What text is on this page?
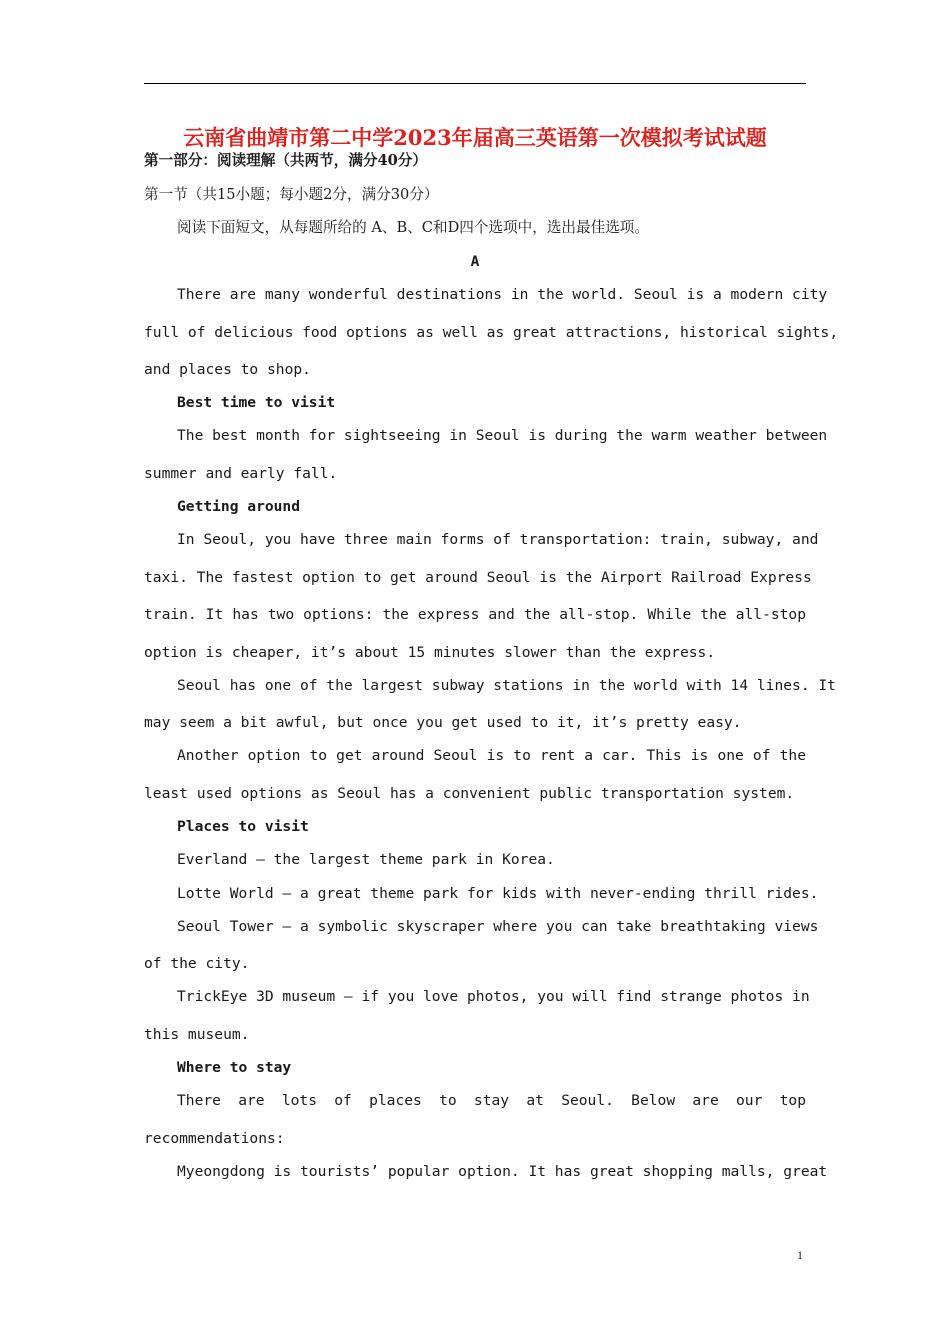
云南省曲靖市第二中学2023年届高三英语第一次模拟考试试题
第一部分：阅读理解（共两节，满分40分）
第一节（共15小题；每小题2分，满分30分）
阅读下面短文，从每题所给的 A、B、C和D四个选项中，选出最佳选项。
A
There are many wonderful destinations in the world. Seoul is a modern city
full of delicious food options as well as great attractions, historical sights,
and places to shop.
Best time to visit
The best month for sightseeing in Seoul is during the warm weather between
summer and early fall.
Getting around
In Seoul, you have three main forms of transportation: train, subway, and
taxi. The fastest option to get around Seoul is the Airport Railroad Express
train. It has two options: the express and the all-stop. While the all-stop
option is cheaper, it’s about 15 minutes slower than the express.
Seoul has one of the largest subway stations in the world with 14 lines. It
may seem a bit awful, but once you get used to it, it’s pretty easy.
Another option to get around Seoul is to rent a car. This is one of the
least used options as Seoul has a convenient public transportation system.
Places to visit
Everland — the largest theme park in Korea.
Lotte World — a great theme park for kids with never-ending thrill rides.
Seoul Tower — a symbolic skyscraper where you can take breathtaking views
of the city.
TrickEye 3D museum — if you love photos, you will find strange photos in
this museum.
Where to stay
There are lots of places to stay at Seoul. Below are our top
recommendations:
Myeongdong is tourists’ popular option. It has great shopping malls, great
1
